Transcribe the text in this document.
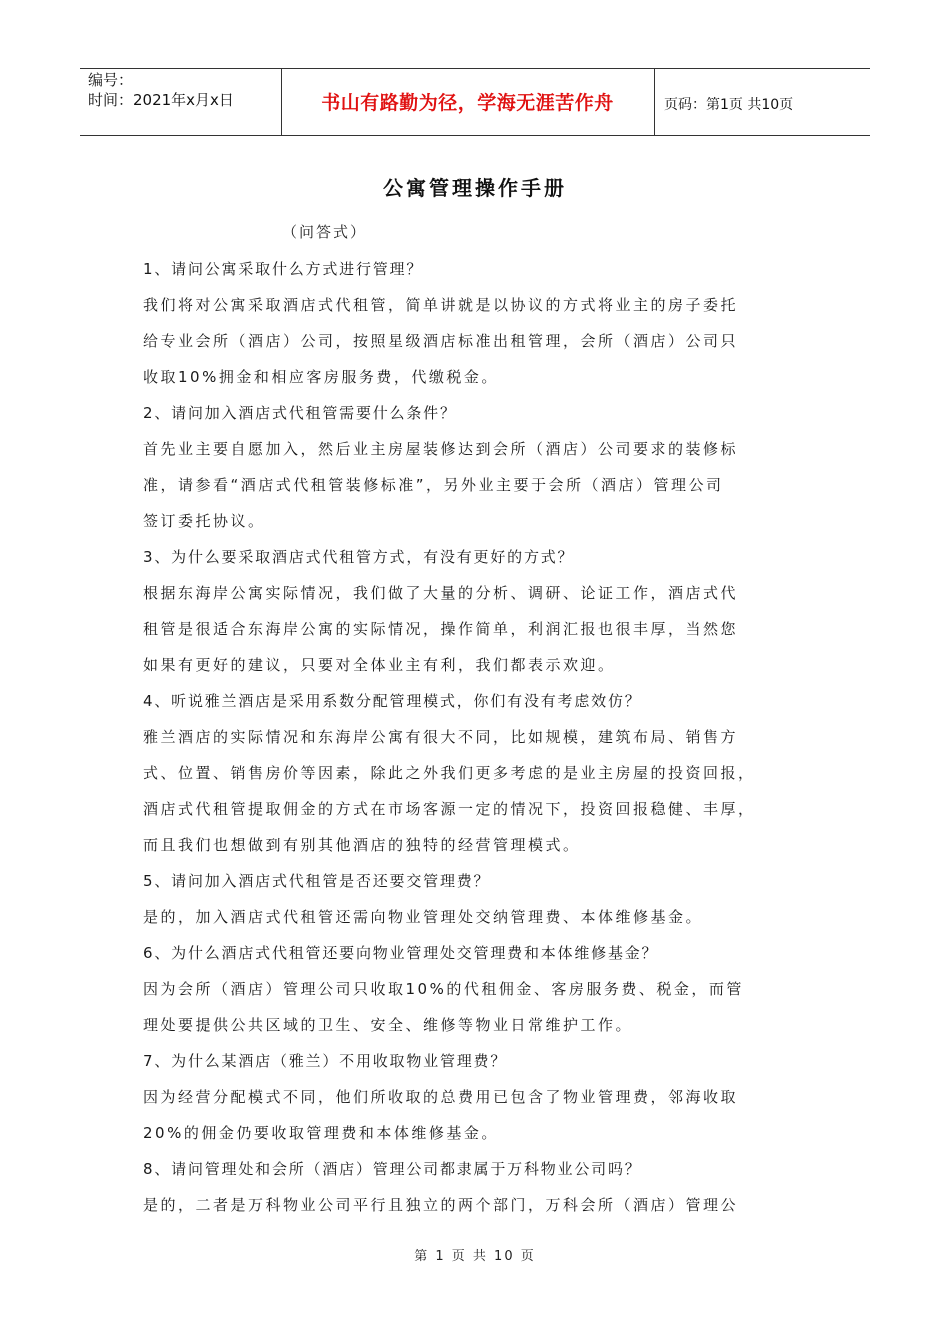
编号：
时间：2021年x月x日	书山有路勤为径，学海无涯苦作舟	页码：第1页 共10页
公寓管理操作手册
（问答式）
1、请问公寓采取什么方式进行管理？
我们将对公寓采取酒店式代租管，简单讲就是以协议的方式将业主的房子委托
给专业会所（酒店）公司，按照星级酒店标准出租管理，会所（酒店）公司只
收取10%拥金和相应客房服务费，代缴税金。
2、请问加入酒店式代租管需要什么条件？
首先业主要自愿加入，然后业主房屋装修达到会所（酒店）公司要求的装修标
准，请参看“酒店式代租管装修标准”，另外业主要于会所（酒店）管理公司
签订委托协议。
3、为什么要采取酒店式代租管方式，有没有更好的方式？
根据东海岸公寓实际情况，我们做了大量的分析、调研、论证工作，酒店式代
租管是很适合东海岸公寓的实际情况，操作简单，利润汇报也很丰厚，当然您
如果有更好的建议，只要对全体业主有利，我们都表示欢迎。
4、听说雅兰酒店是采用系数分配管理模式，你们有没有考虑效仿？
雅兰酒店的实际情况和东海岸公寓有很大不同，比如规模，建筑布局、销售方
式、位置、销售房价等因素，除此之外我们更多考虑的是业主房屋的投资回报，
酒店式代租管提取佣金的方式在市场客源一定的情况下，投资回报稳健、丰厚，
而且我们也想做到有别其他酒店的独特的经营管理模式。
5、请问加入酒店式代租管是否还要交管理费？
是的，加入酒店式代租管还需向物业管理处交纳管理费、本体维修基金。
6、为什么酒店式代租管还要向物业管理处交管理费和本体维修基金？
因为会所（酒店）管理公司只收取10%的代租佣金、客房服务费、税金，而管
理处要提供公共区域的卫生、安全、维修等物业日常维护工作。
7、为什么某酒店（雅兰）不用收取物业管理费？
因为经营分配模式不同，他们所收取的总费用已包含了物业管理费，邻海收取
20%的佣金仍要收取管理费和本体维修基金。
8、请问管理处和会所（酒店）管理公司都隶属于万科物业公司吗？
是的，二者是万科物业公司平行且独立的两个部门，万科会所（酒店）管理公
第 1 页 共 10 页
